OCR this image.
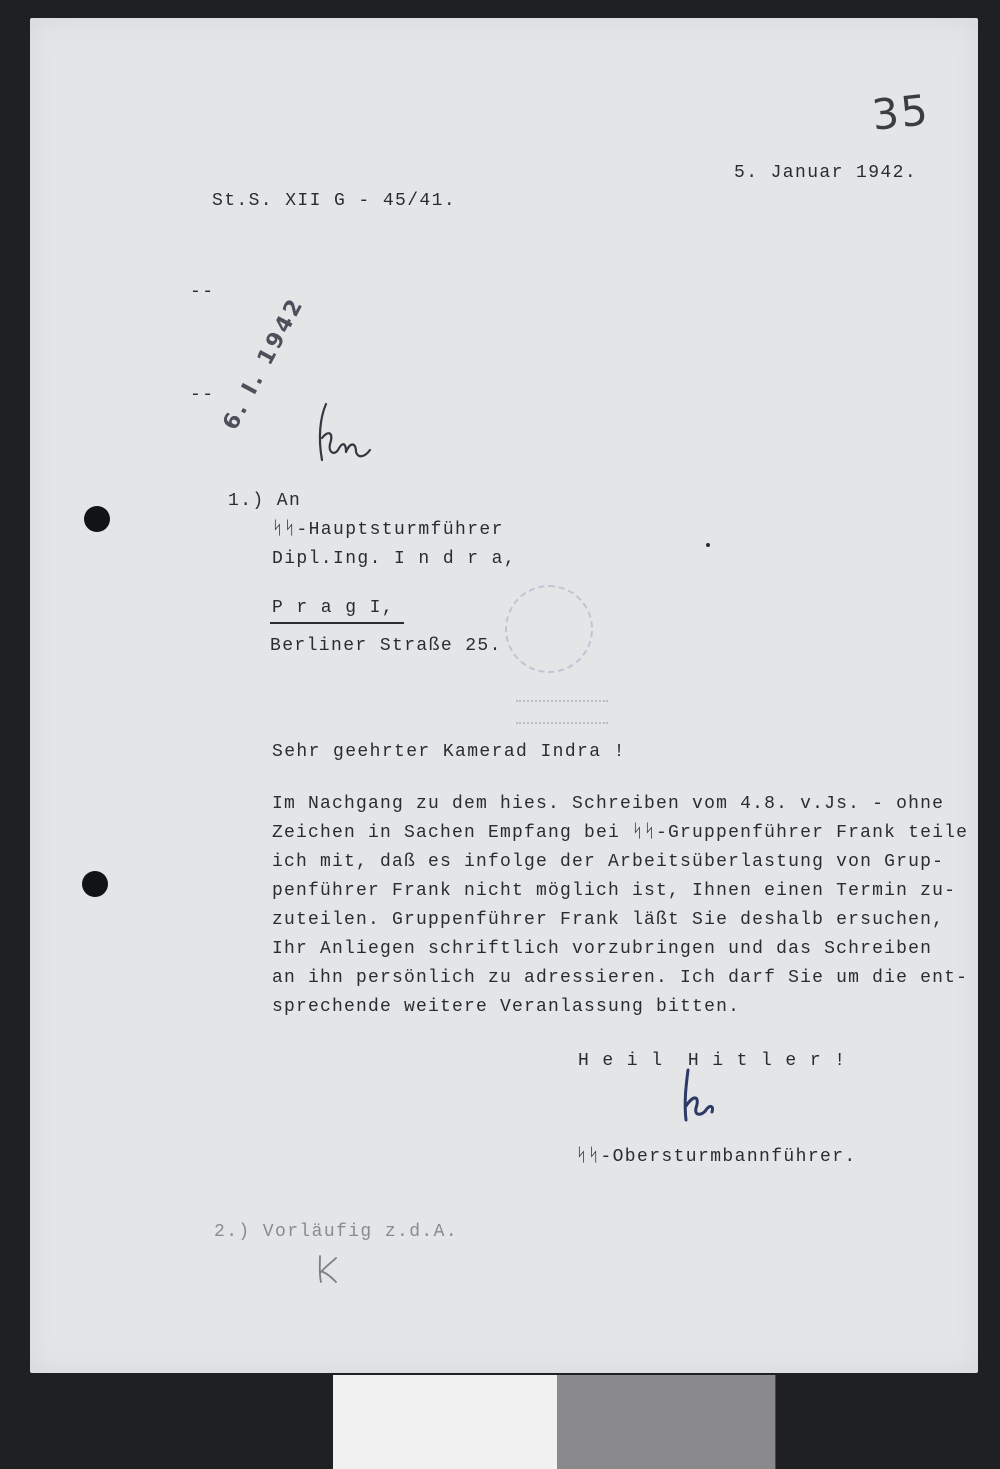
35
5. Januar 1942.
St.S. XII G - 45/41.
--
-- 6. I. 1942
1.) An
ᛋᛋ-Hauptsturmführer
Dipl.Ing. I n d r a,
P r a g I,
Berliner Straße 25.
Sehr geehrter Kamerad Indra !
Im Nachgang zu dem hies. Schreiben vom 4.8. v.Js. - ohne
Zeichen in Sachen Empfang bei ᛋᛋ-Gruppenführer Frank teile
ich mit, daß es infolge der Arbeitsüberlastung von Grup-
penführer Frank nicht möglich ist, Ihnen einen Termin zu-
zuteilen. Gruppenführer Frank läßt Sie deshalb ersuchen,
Ihr Anliegen schriftlich vorzubringen und das Schreiben
an ihn persönlich zu adressieren. Ich darf Sie um die ent-
sprechende weitere Veranlassung bitten.
H e i l  H i t l e r !
ᛋᛋ-Obersturmbannführer.
2.) Vorläufig z.d.A.
